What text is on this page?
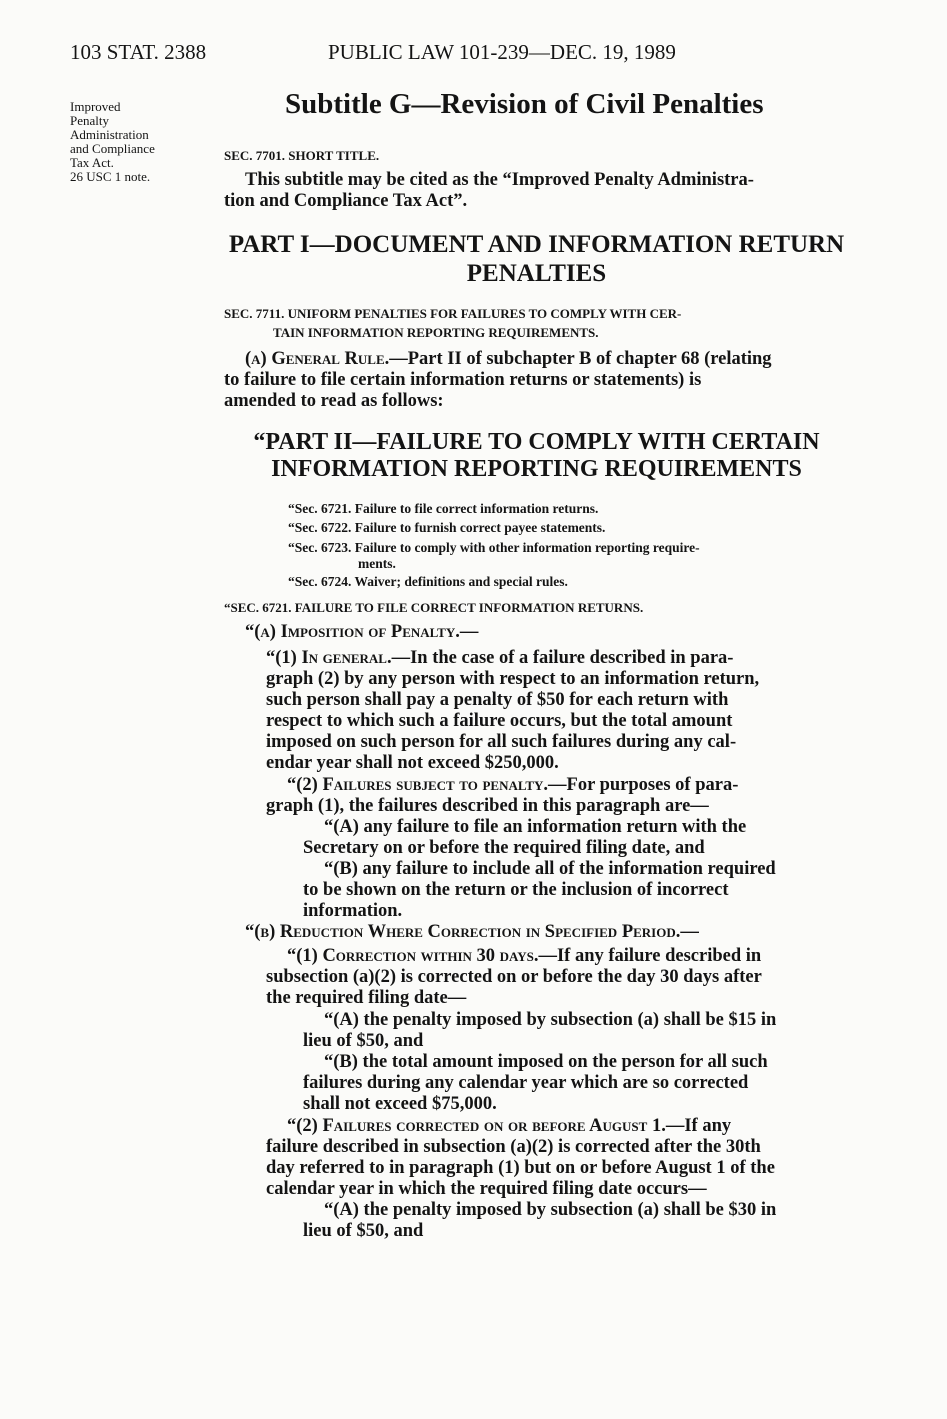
103 STAT. 2388	PUBLIC LAW 101-239—DEC. 19, 1989
Improved
Penalty
Administration
and Compliance
Tax Act.
26 USC 1 note.
Subtitle G—Revision of Civil Penalties
SEC. 7701. SHORT TITLE.
This subtitle may be cited as the “Improved Penalty Administra-
tion and Compliance Tax Act”.
PART I—DOCUMENT AND INFORMATION RETURN
PENALTIES
SEC. 7711. UNIFORM PENALTIES FOR FAILURES TO COMPLY WITH CER-
TAIN INFORMATION REPORTING REQUIREMENTS.
(a) General Rule.—Part II of subchapter B of chapter 68 (relating
to failure to file certain information returns or statements) is
amended to read as follows:
“PART II—FAILURE TO COMPLY WITH CERTAIN
INFORMATION REPORTING REQUIREMENTS
“Sec. 6721. Failure to file correct information returns.
“Sec. 6722. Failure to furnish correct payee statements.
“Sec. 6723. Failure to comply with other information reporting require-
ments.
“Sec. 6724. Waiver; definitions and special rules.
“SEC. 6721. FAILURE TO FILE CORRECT INFORMATION RETURNS.
“(a) Imposition of Penalty.—
“(1) In general.—In the case of a failure described in para-
graph (2) by any person with respect to an information return,
such person shall pay a penalty of $50 for each return with
respect to which such a failure occurs, but the total amount
imposed on such person for all such failures during any cal-
endar year shall not exceed $250,000.
“(2) Failures subject to penalty.—For purposes of para-
graph (1), the failures described in this paragraph are—
“(A) any failure to file an information return with the
Secretary on or before the required filing date, and
“(B) any failure to include all of the information required
to be shown on the return or the inclusion of incorrect
information.
“(b) Reduction Where Correction in Specified Period.—
“(1) Correction within 30 days.—If any failure described in
subsection (a)(2) is corrected on or before the day 30 days after
the required filing date—
“(A) the penalty imposed by subsection (a) shall be $15 in
lieu of $50, and
“(B) the total amount imposed on the person for all such
failures during any calendar year which are so corrected
shall not exceed $75,000.
“(2) Failures corrected on or before August 1.—If any
failure described in subsection (a)(2) is corrected after the 30th
day referred to in paragraph (1) but on or before August 1 of the
calendar year in which the required filing date occurs—
“(A) the penalty imposed by subsection (a) shall be $30 in
lieu of $50, and
